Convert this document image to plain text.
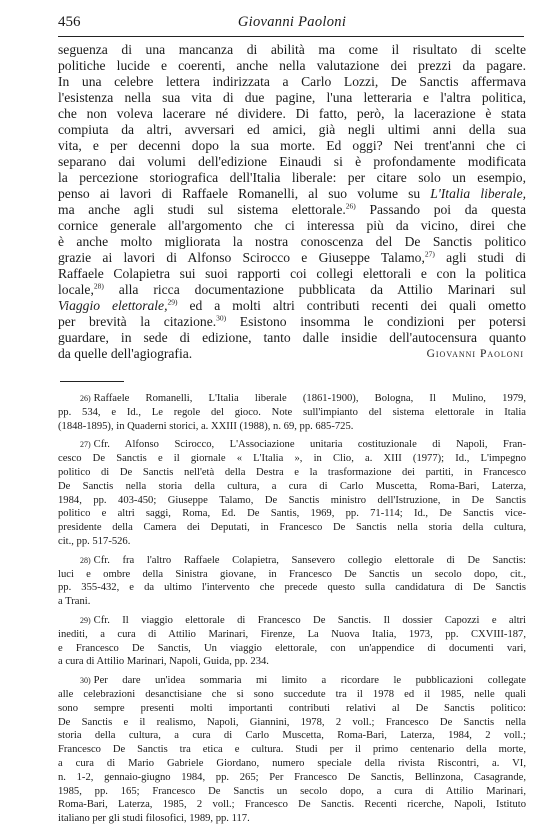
456	Giovanni Paoloni
seguenza di una mancanza di abilità ma come il risultato di scelte
politiche lucide e coerenti, anche nella valutazione dei prezzi da pagare.
In una celebre lettera indirizzata a Carlo Lozzi, De Sanctis affermava
l'esistenza nella sua vita di due pagine, l'una letteraria e l'altra politica,
che non voleva lacerare né dividere. Di fatto, però, la lacerazione è stata
compiuta da altri, avversari ed amici, già negli ultimi anni della sua
vita, e per decenni dopo la sua morte. Ed oggi? Nei trent'anni che ci
separano dai volumi dell'edizione Einaudi si è profondamente modificata
la percezione storiografica dell'Italia liberale: per citare solo un esempio,
penso ai lavori di Raffaele Romanelli, al suo volume su L'Italia liberale,
ma anche agli studi sul sistema elettorale.$^{26)}$ Passando poi da questa
cornice generale all'argomento che ci interessa più da vicino, direi che
è anche molto migliorata la nostra conoscenza del De Sanctis politico
grazie ai lavori di Alfonso Scirocco e Giuseppe Talamo,$^{27)}$ agli studi di
Raffaele Colapietra sui suoi rapporti coi collegi elettorali e con la politica
locale,$^{28)}$ alla ricca documentazione pubblicata da Attilio Marinari sul
Viaggio elettorale,$^{29)}$ ed a molti altri contributi recenti dei quali ometto
per brevità la citazione.$^{30)}$ Esistono insomma le condizioni per potersi
guardare, in sede di edizione, tanto dalle insidie dell'autocensura quanto
da quelle dell'agiografia.	Giovanni Paoloni
26) Raffaele Romanelli, L'Italia liberale (1861-1900), Bologna, Il Mulino, 1979,
pp. 534, e Id., Le regole del gioco. Note sull'impianto del sistema elettorale in Italia
(1848-1895), in Quaderni storici, a. XXIII (1988), n. 69, pp. 685-725.
27) Cfr. Alfonso Scirocco, L'Associazione unitaria costituzionale di Napoli, Fran-
cesco De Sanctis e il giornale « L'Italia », in Clio, a. XIII (1977); Id., L'impegno
politico di De Sanctis nell'età della Destra e la trasformazione dei partiti, in Francesco
De Sanctis nella storia della cultura, a cura di Carlo Muscetta, Roma-Bari, Laterza,
1984, pp. 403-450; Giuseppe Talamo, De Sanctis ministro dell'Istruzione, in De Sanctis
politico e altri saggi, Roma, Ed. De Santis, 1969, pp. 71-114; Id., De Sanctis vice-
presidente della Camera dei Deputati, in Francesco De Sanctis nella storia della cultura,
cit., pp. 517-526.
28) Cfr. fra l'altro Raffaele Colapietra, Sansevero collegio elettorale di De Sanctis:
luci e ombre della Sinistra giovane, in Francesco De Sanctis un secolo dopo, cit.,
pp. 355-432, e da ultimo l'intervento che precede questo sulla candidatura di De Sanctis
a Trani.
29) Cfr. Il viaggio elettorale di Francesco De Sanctis. Il dossier Capozzi e altri
inediti, a cura di Attilio Marinari, Firenze, La Nuova Italia, 1973, pp. CXVIII-187,
e Francesco De Sanctis, Un viaggio elettorale, con un'appendice di documenti vari,
a cura di Attilio Marinari, Napoli, Guida, pp. 234.
30) Per dare un'idea sommaria mi limito a ricordare le pubblicazioni collegate
alle celebrazioni desanctisiane che si sono succedute tra il 1978 ed il 1985, nelle quali
sono sempre presenti molti importanti contributi relativi al De Sanctis politico:
De Sanctis e il realismo, Napoli, Giannini, 1978, 2 voll.; Francesco De Sanctis nella
storia della cultura, a cura di Carlo Muscetta, Roma-Bari, Laterza, 1984, 2 voll.;
Francesco De Sanctis tra etica e cultura. Studi per il primo centenario della morte,
a cura di Mario Gabriele Giordano, numero speciale della rivista Riscontri, a. VI,
n. 1-2, gennaio-giugno 1984, pp. 265; Per Francesco De Sanctis, Bellinzona, Casagrande,
1985, pp. 165; Francesco De Sanctis un secolo dopo, a cura di Attilio Marinari,
Roma-Bari, Laterza, 1985, 2 voll.; Francesco De Sanctis. Recenti ricerche, Napoli, Istituto
italiano per gli studi filosofici, 1989, pp. 117.
